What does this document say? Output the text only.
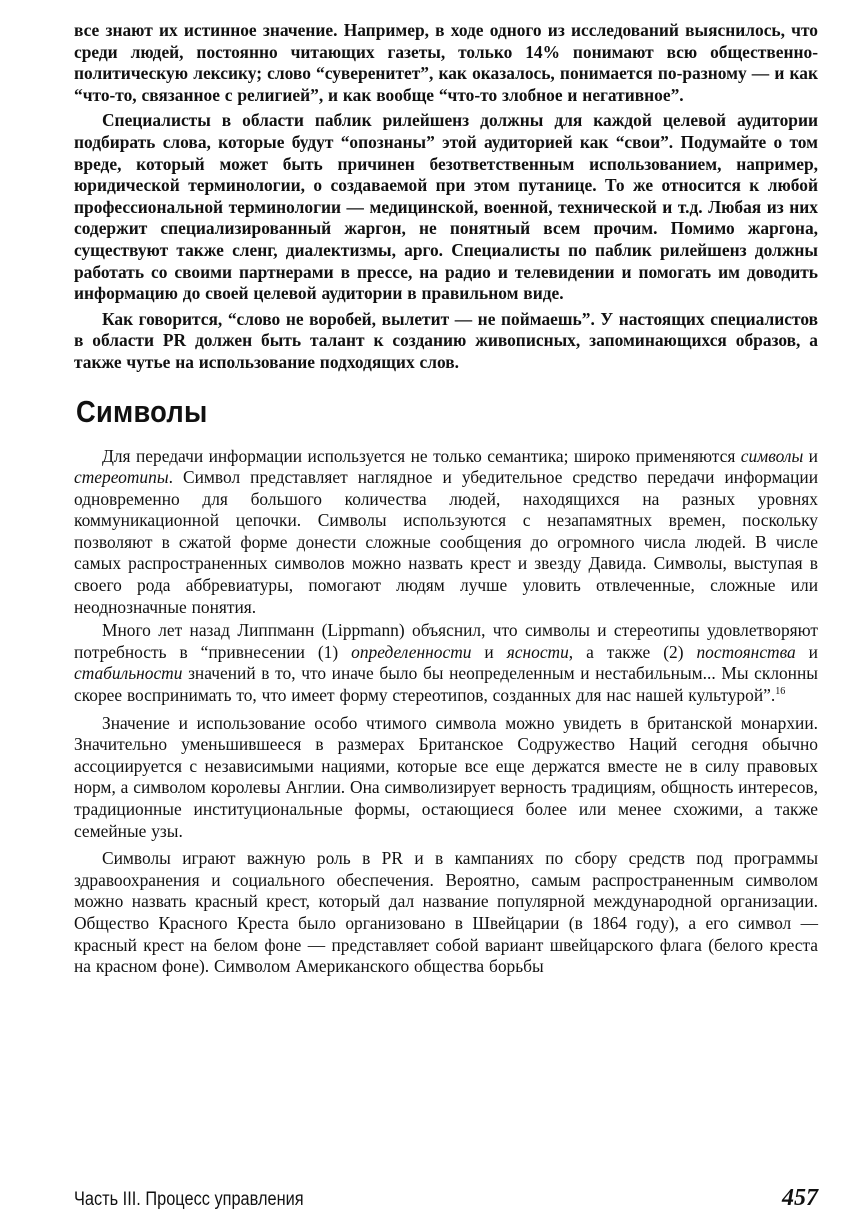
все знают их истинное значение. Например, в ходе одного из исследований выяснилось, что среди людей, постоянно читающих газеты, только 14% понимают всю общественно-политическую лексику; слово “суверенитет”, как оказалось, понимается по-разному — и как “что-то, связанное с религией”, и как вообще “что-то злобное и негативное”.

Специалисты в области паблик рилейшенз должны для каждой целевой аудитории подбирать слова, которые будут “опознаны” этой аудиторией как “свои”. Подумайте о том вреде, который может быть причинен безответственным использованием, например, юридической терминологии, о создаваемой при этом путанице. То же относится к любой профессиональной терминологии — медицинской, военной, технической и т.д. Любая из них содержит специализированный жаргон, не понятный всем прочим. Помимо жаргона, существуют также сленг, диалектизмы, арго. Специалисты по паблик рилейшенз должны работать со своими партнерами в прессе, на радио и телевидении и помогать им доводить информацию до своей целевой аудитории в правильном виде.

Как говорится, “слово не воробей, вылетит — не поймаешь”. У настоящих специалистов в области PR должен быть талант к созданию живописных, запоминающихся образов, а также чутье на использование подходящих слов.

Символы

Для передачи информации используется не только семантика; широко применяются символы и стереотипы. Символ представляет наглядное и убедительное средство передачи информации одновременно для большого количества людей, находящихся на разных уровнях коммуникационной цепочки. Символы используются с незапамятных времен, поскольку позволяют в сжатой форме донести сложные сообщения до огромного числа людей. В числе самых распространенных символов можно назвать крест и звезду Давида. Символы, выступая в своего рода аббревиатуры, помогают людям лучше уловить отвлеченные, сложные или неоднозначные понятия.

Много лет назад Липпманн (Lippmann) объяснил, что символы и стереотипы удовлетворяют потребность в “привнесении (1) определенности и ясности, а также (2) постоянства и стабильности значений в то, что иначе было бы неопределенным и нестабильным... Мы склонны скорее воспринимать то, что имеет форму стереотипов, созданных для нас нашей культурой”.$^{16}$

Значение и использование особо чтимого символа можно увидеть в британской монархии. Значительно уменьшившееся в размерах Британское Содружество Наций сегодня обычно ассоциируется с независимыми нациями, которые все еще держатся вместе не в силу правовых норм, а символом королевы Англии. Она символизирует верность традициям, общность интересов, традиционные институциональные формы, остающиеся более или менее схожими, а также семейные узы.

Символы играют важную роль в PR и в кампаниях по сбору средств под программы здравоохранения и социального обеспечения. Вероятно, самым распространенным символом можно назвать красный крест, который дал название популярной международной организации. Общество Красного Креста было организовано в Швейцарии (в 1864 году), а его символ — красный крест на белом фоне — представляет собой вариант швейцарского флага (белого креста на красном фоне). Символом Американского общества борьбы

Часть III. Процесс управления	457
